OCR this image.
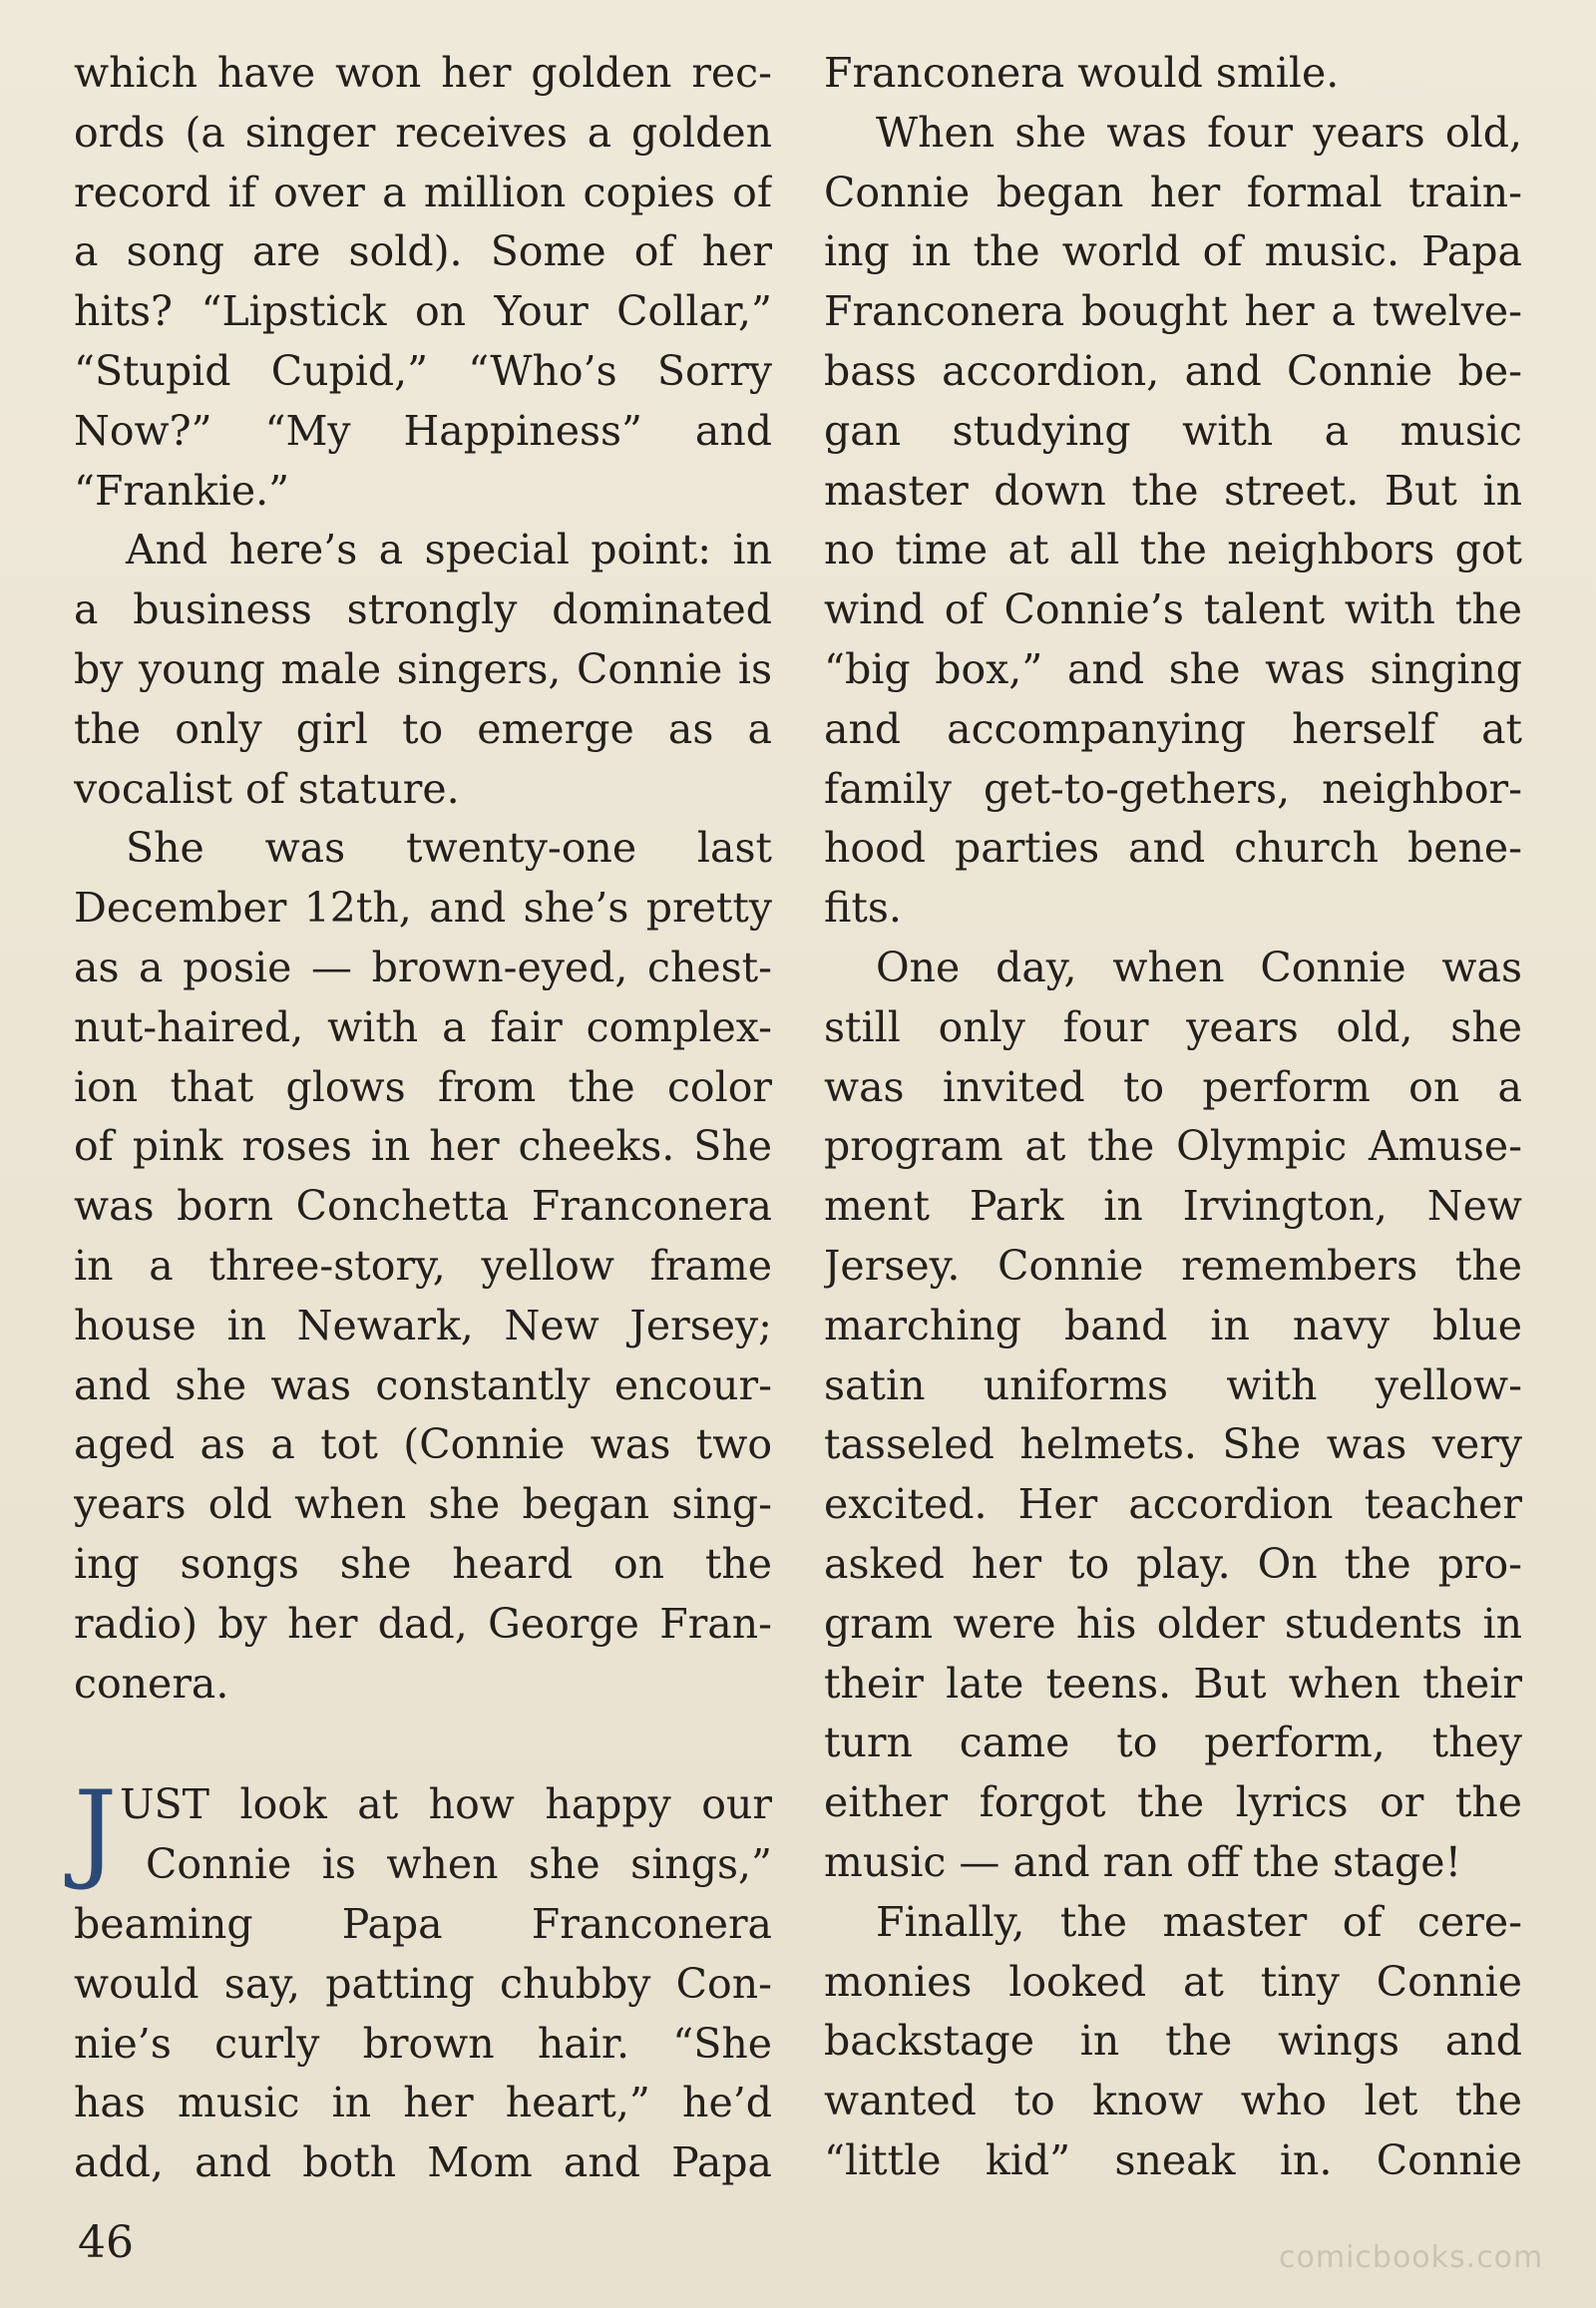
which have won her golden rec-
ords (a singer receives a golden
record if over a million copies of
a song are sold). Some of her
hits? “Lipstick on Your Collar,”
“Stupid Cupid,” “Who’s Sorry
Now?” “My Happiness” and
“Frankie.”
And here’s a special point: in
a business strongly dominated
by young male singers, Connie is
the only girl to emerge as a
vocalist of stature.
She was twenty-one last
December 12th, and she’s pretty
as a posie — brown-eyed, chest-
nut-haired, with a fair complex-
ion that glows from the color
of pink roses in her cheeks. She
was born Conchetta Franconera
in a three-story, yellow frame
house in Newark, New Jersey;
and she was constantly encour-
aged as a tot (Connie was two
years old when she began sing-
ing songs she heard on the
radio) by her dad, George Fran-
conera.
J UST look at how happy our
Connie is when she sings,”
beaming Papa Franconera
would say, patting chubby Con-
nie’s curly brown hair. “She
has music in her heart,” he’d
add, and both Mom and Papa
Franconera would smile.
When she was four years old,
Connie began her formal train-
ing in the world of music. Papa
Franconera bought her a twelve-
bass accordion, and Connie be-
gan studying with a music
master down the street. But in
no time at all the neighbors got
wind of Connie’s talent with the
“big box,” and she was singing
and accompanying herself at
family get-to-gethers, neighbor-
hood parties and church bene-
fits.
One day, when Connie was
still only four years old, she
was invited to perform on a
program at the Olympic Amuse-
ment Park in Irvington, New
Jersey. Connie remembers the
marching band in navy blue
satin uniforms with yellow-
tasseled helmets. She was very
excited. Her accordion teacher
asked her to play. On the pro-
gram were his older students in
their late teens. But when their
turn came to perform, they
either forgot the lyrics or the
music — and ran off the stage!
Finally, the master of cere-
monies looked at tiny Connie
backstage in the wings and
wanted to know who let the
“little kid” sneak in. Connie
46	comicbooks.com
